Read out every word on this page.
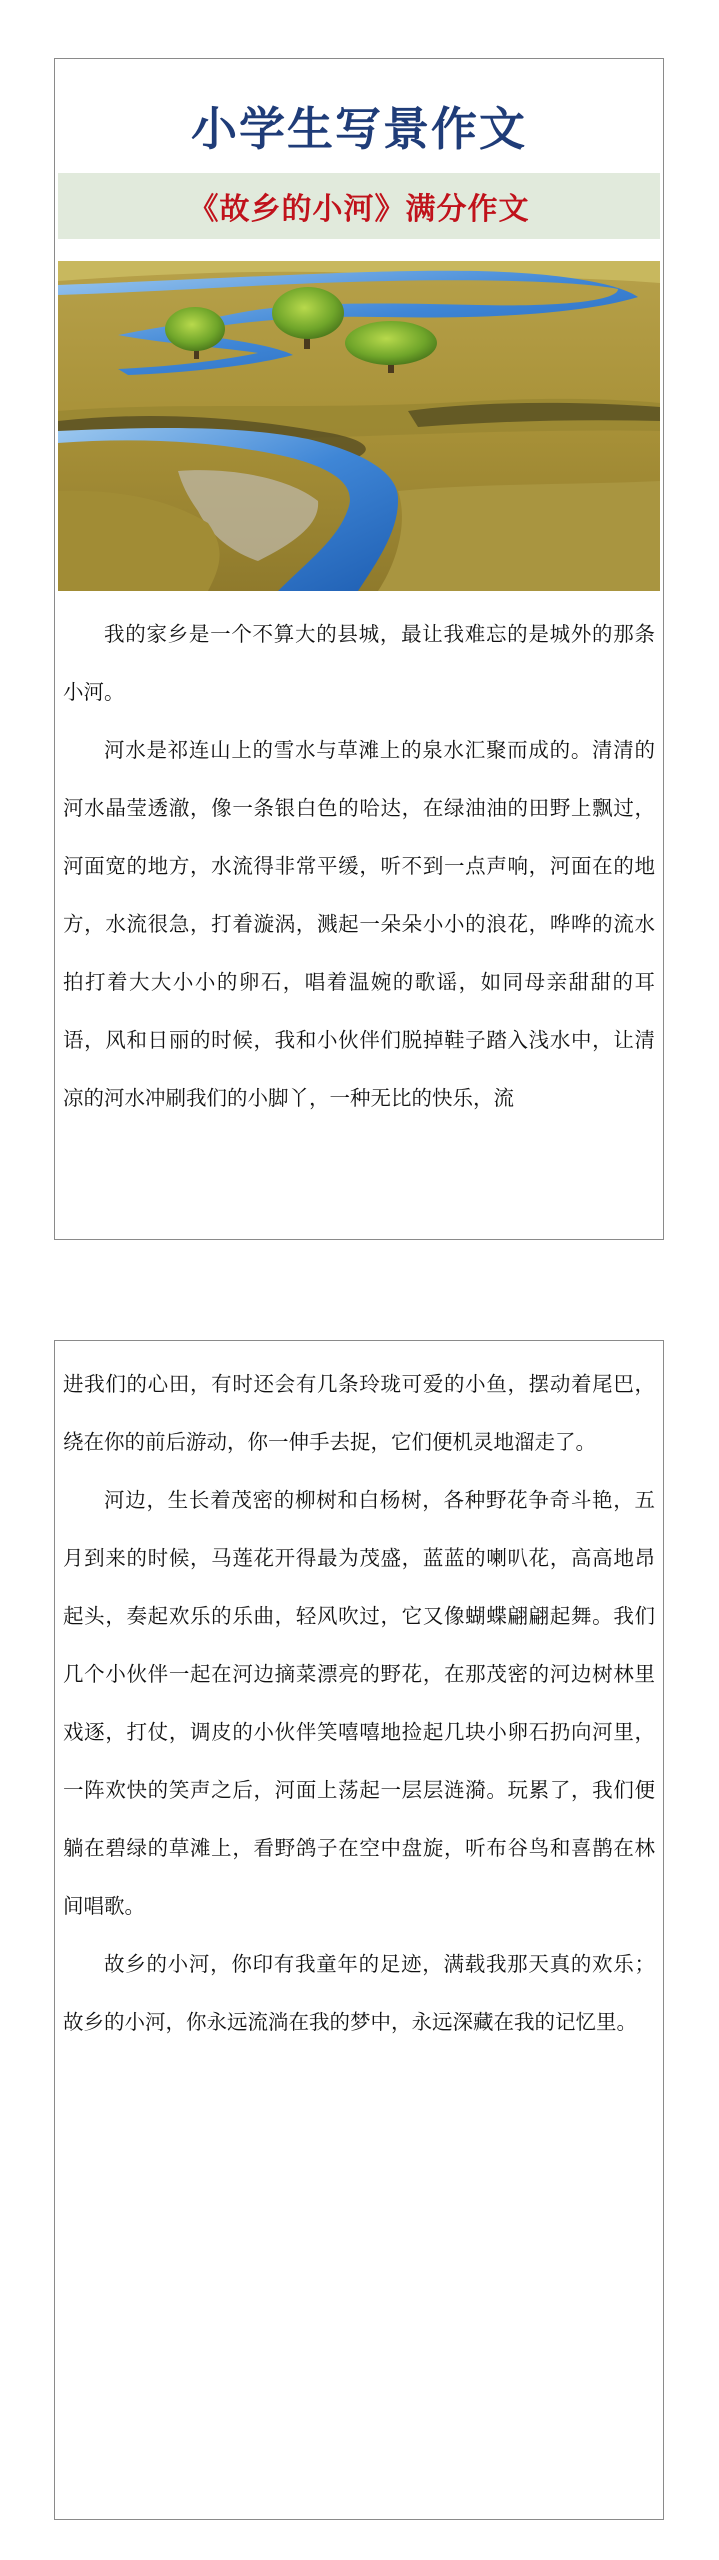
小学生写景作文
《故乡的小河》满分作文

我的家乡是一个不算大的县城，最让我难忘的是城外的那条小河。

河水是祁连山上的雪水与草滩上的泉水汇聚而成的。清清的河水晶莹透澈，像一条银白色的哈达，在绿油油的田野上飘过，河面宽的地方，水流得非常平缓，听不到一点声响，河面在的地方，水流很急，打着漩涡，溅起一朵朵小小的浪花，哗哗的流水拍打着大大小小的卵石，唱着温婉的歌谣，如同母亲甜甜的耳语，风和日丽的时候，我和小伙伴们脱掉鞋子踏入浅水中，让清凉的河水冲刷我们的小脚丫，一种无比的快乐，流

进我们的心田，有时还会有几条玲珑可爱的小鱼，摆动着尾巴，绕在你的前后游动，你一伸手去捉，它们便机灵地溜走了。

河边，生长着茂密的柳树和白杨树，各种野花争奇斗艳，五月到来的时候，马莲花开得最为茂盛，蓝蓝的喇叭花，高高地昂起头，奏起欢乐的乐曲，轻风吹过，它又像蝴蝶翩翩起舞。我们几个小伙伴一起在河边摘菜漂亮的野花，在那茂密的河边树林里戏逐，打仗，调皮的小伙伴笑嘻嘻地捡起几块小卵石扔向河里，一阵欢快的笑声之后，河面上荡起一层层涟漪。玩累了，我们便躺在碧绿的草滩上，看野鸽子在空中盘旋，听布谷鸟和喜鹊在林间唱歌。

故乡的小河，你印有我童年的足迹，满载我那天真的欢乐；故乡的小河，你永远流淌在我的梦中，永远深藏在我的记忆里。
